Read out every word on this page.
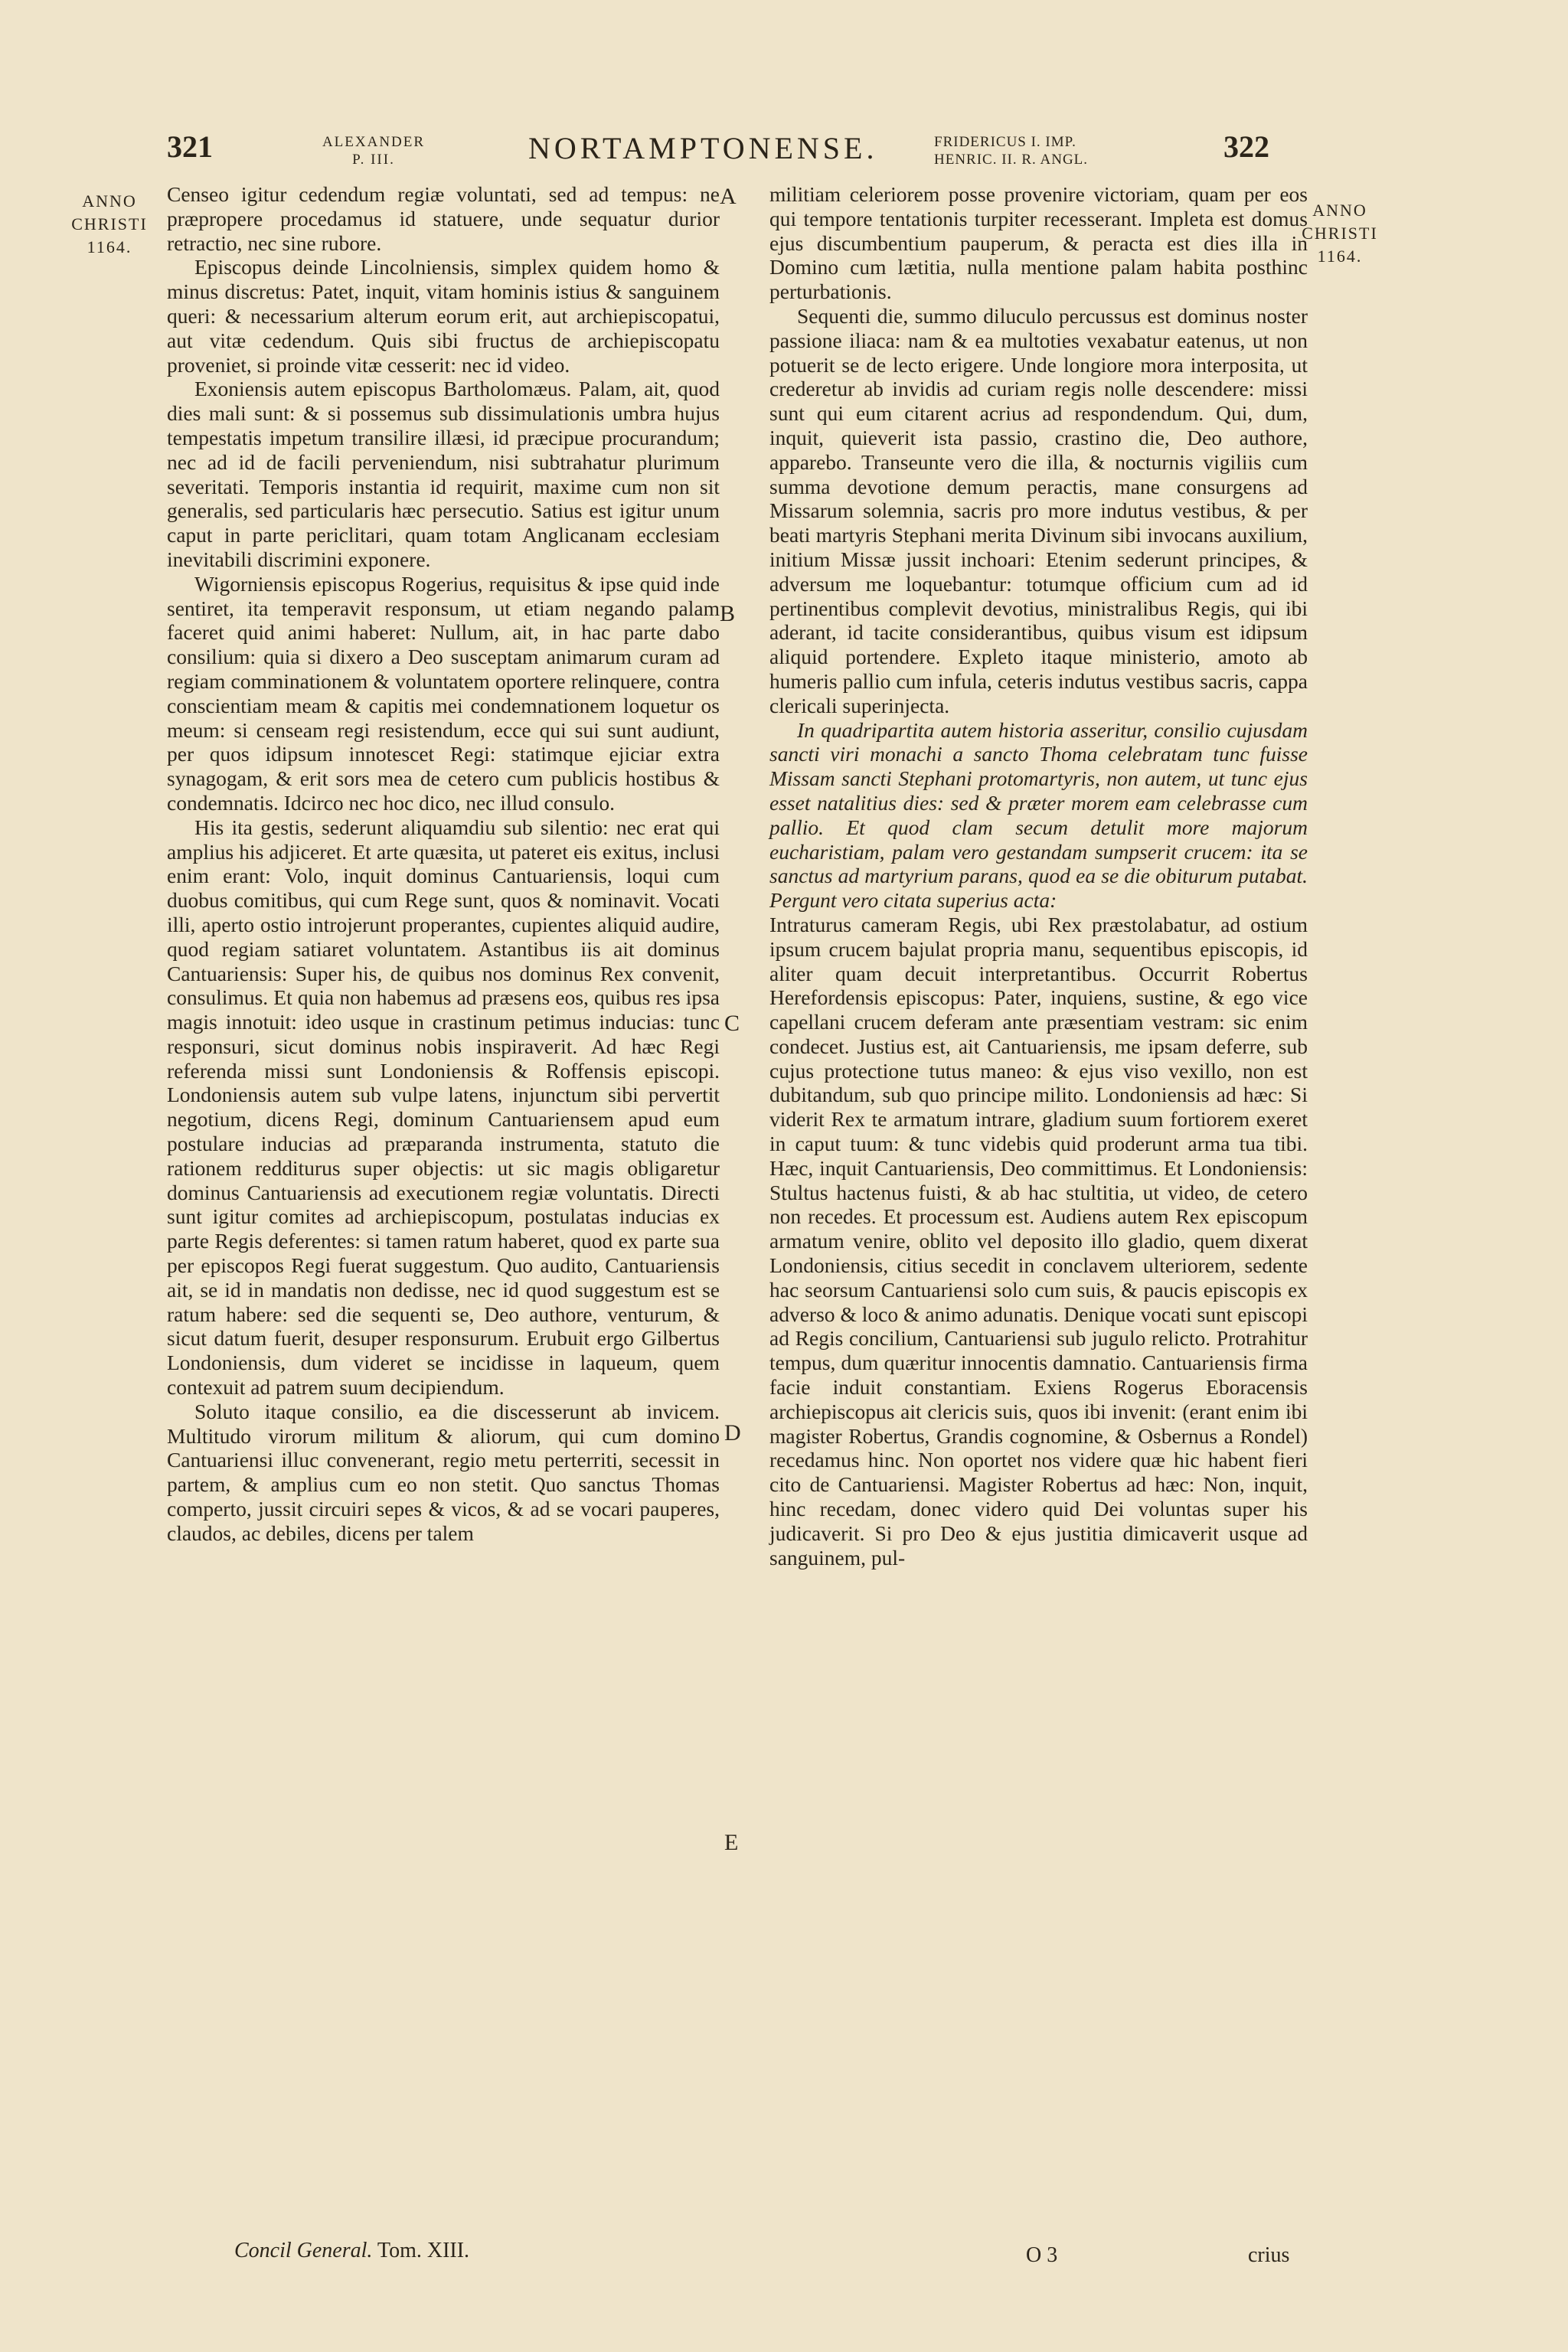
321	ALEXANDER
P. III.	NORTAMPTONENSE.	FRIDERICUS I. IMP.
HENRIC. II. R. ANGL.	322
ANNO
CHRISTI
1164.
ANNO
CHRISTI
1164.

Censeo igitur cedendum regiæ voluntati, sed ad tempus: ne præpropere procedamus id statuere, unde sequatur durior retractio, nec sine rubore.

Episcopus deinde Lincolniensis, simplex quidem homo & minus discretus: Patet, inquit, vitam hominis istius & sanguinem queri: & necessarium alterum eorum erit, aut archiepiscopatui, aut vitæ cedendum. Quis sibi fructus de archiepiscopatu proveniet, si proinde vitæ cesserit: nec id video.

Exoniensis autem episcopus Bartholomæus. Palam, ait, quod dies mali sunt: & si possemus sub dissimulationis umbra hujus tempestatis impetum transilire illæsi, id præcipue procurandum; nec ad id de facili perveniendum, nisi subtrahatur plurimum severitati. Temporis instantia id requirit, maxime cum non sit generalis, sed particularis hæc persecutio. Satius est igitur unum caput in parte periclitari, quam totam Anglicanam ecclesiam inevitabili discrimini exponere.

Wigorniensis episcopus Rogerius, requisitus & ipse quid inde sentiret, ita temperavit responsum, ut etiam negando palam faceret quid animi haberet: Nullum, ait, in hac parte dabo consilium: quia si dixero a Deo susceptam animarum curam ad regiam comminationem & voluntatem oportere relinquere, contra conscientiam meam & capitis mei condemnationem loquetur os meum: si censeam regi resistendum, ecce qui sui sunt audiunt, per quos idipsum innotescet Regi: statimque ejiciar extra synagogam, & erit sors mea de cetero cum publicis hostibus & condemnatis. Idcirco nec hoc dico, nec illud consulo.

His ita gestis, sederunt aliquamdiu sub silentio: nec erat qui amplius his adjiceret. Et arte quæsita, ut pateret eis exitus, inclusi enim erant: Volo, inquit dominus Cantuariensis, loqui cum duobus comitibus, qui cum Rege sunt, quos & nominavit. Vocati illi, aperto ostio introjerunt properantes, cupientes aliquid audire, quod regiam satiaret voluntatem. Astantibus iis ait dominus Cantuariensis: Super his, de quibus nos dominus Rex convenit, consulimus. Et quia non habemus ad præsens eos, quibus res ipsa magis innotuit: ideo usque in crastinum petimus inducias: tunc responsuri, sicut dominus nobis inspiraverit. Ad hæc Regi referenda missi sunt Londoniensis & Roffensis episcopi. Londoniensis autem sub vulpe latens, injunctum sibi pervertit negotium, dicens Regi, dominum Cantuariensem apud eum postulare inducias ad præparanda instrumenta, statuto die rationem redditurus super objectis: ut sic magis obligaretur dominus Cantuariensis ad executionem regiæ voluntatis. Directi sunt igitur comites ad archiepiscopum, postulatas inducias ex parte Regis deferentes: si tamen ratum haberet, quod ex parte sua per episcopos Regi fuerat suggestum. Quo audito, Cantuariensis ait, se id in mandatis non dedisse, nec id quod suggestum est se ratum habere: sed die sequenti se, Deo authore, venturum, & sicut datum fuerit, desuper responsurum. Erubuit ergo Gilbertus Londoniensis, dum videret se incidisse in laqueum, quem contexuit ad patrem suum decipiendum.

Soluto itaque consilio, ea die discesserunt ab invicem. Multitudo virorum militum & aliorum, qui cum domino Cantuariensi illuc convenerant, regio metu perterriti, secessit in partem, & amplius cum eo non stetit. Quo sanctus Thomas comperto, jussit circuiri sepes & vicos, & ad se vocari pauperes, claudos, ac debiles, dicens per talem

A
B
C
D
E

militiam celeriorem posse provenire victoriam, quam per eos qui tempore tentationis turpiter recesserant. Impleta est domus ejus discumbentium pauperum, & peracta est dies illa in Domino cum lætitia, nulla mentione palam habita posthinc perturbationis.

Sequenti die, summo diluculo percussus est dominus noster passione iliaca: nam & ea multoties vexabatur eatenus, ut non potuerit se de lecto erigere. Unde longiore mora interposita, ut crederetur ab invidis ad curiam regis nolle descendere: missi sunt qui eum citarent acrius ad respondendum. Qui, dum, inquit, quieverit ista passio, crastino die, Deo authore, apparebo. Transeunte vero die illa, & nocturnis vigiliis cum summa devotione demum peractis, mane consurgens ad Missarum solemnia, sacris pro more indutus vestibus, & per beati martyris Stephani merita Divinum sibi invocans auxilium, initium Missæ jussit inchoari: Etenim sederunt principes, & adversum me loquebantur: totumque officium cum ad id pertinentibus complevit devotius, ministralibus Regis, qui ibi aderant, id tacite considerantibus, quibus visum est idipsum aliquid portendere. Expleto itaque ministerio, amoto ab humeris pallio cum infula, ceteris indutus vestibus sacris, cappa clericali superinjecta.

In quadripartita autem historia asseritur, consilio cujusdam sancti viri monachi a sancto Thoma celebratam tunc fuisse Missam sancti Stephani protomartyris, non autem, ut tunc ejus esset natalitius dies: sed & præter morem eam celebrasse cum pallio. Et quod clam secum detulit more majorum eucharistiam, palam vero gestandam sumpserit crucem: ita se sanctus ad martyrium parans, quod ea se die obiturum putabat. Pergunt vero citata superius acta:

Intraturus cameram Regis, ubi Rex præstolabatur, ad ostium ipsum crucem bajulat propria manu, sequentibus episcopis, id aliter quam decuit interpretantibus. Occurrit Robertus Herefordensis episcopus: Pater, inquiens, sustine, & ego vice capellani crucem deferam ante præsentiam vestram: sic enim condecet. Justius est, ait Cantuariensis, me ipsam deferre, sub cujus protectione tutus maneo: & ejus viso vexillo, non est dubitandum, sub quo principe milito. Londoniensis ad hæc: Si viderit Rex te armatum intrare, gladium suum fortiorem exeret in caput tuum: & tunc videbis quid proderunt arma tua tibi. Hæc, inquit Cantuariensis, Deo committimus. Et Londoniensis: Stultus hactenus fuisti, & ab hac stultitia, ut video, de cetero non recedes. Et processum est. Audiens autem Rex episcopum armatum venire, oblito vel deposito illo gladio, quem dixerat Londoniensis, citius secedit in conclavem ulteriorem, sedente hac seorsum Cantuariensi solo cum suis, & paucis episcopis ex adverso & loco & animo adunatis. Denique vocati sunt episcopi ad Regis concilium, Cantuariensi sub jugulo relicto. Protrahitur tempus, dum quæritur innocentis damnatio. Cantuariensis firma facie induit constantiam. Exiens Rogerus Eboracensis archiepiscopus ait clericis suis, quos ibi invenit: (erant enim ibi magister Robertus, Grandis cognomine, & Osbernus a Rondel) recedamus hinc. Non oportet nos videre quæ hic habent fieri cito de Cantuariensi. Magister Robertus ad hæc: Non, inquit, hinc recedam, donec videro quid Dei voluntas super his judicaverit. Si pro Deo & ejus justitia dimicaverit usque ad sanguinem, pul-

Concil General. Tom. XIII.	O 3	crius
